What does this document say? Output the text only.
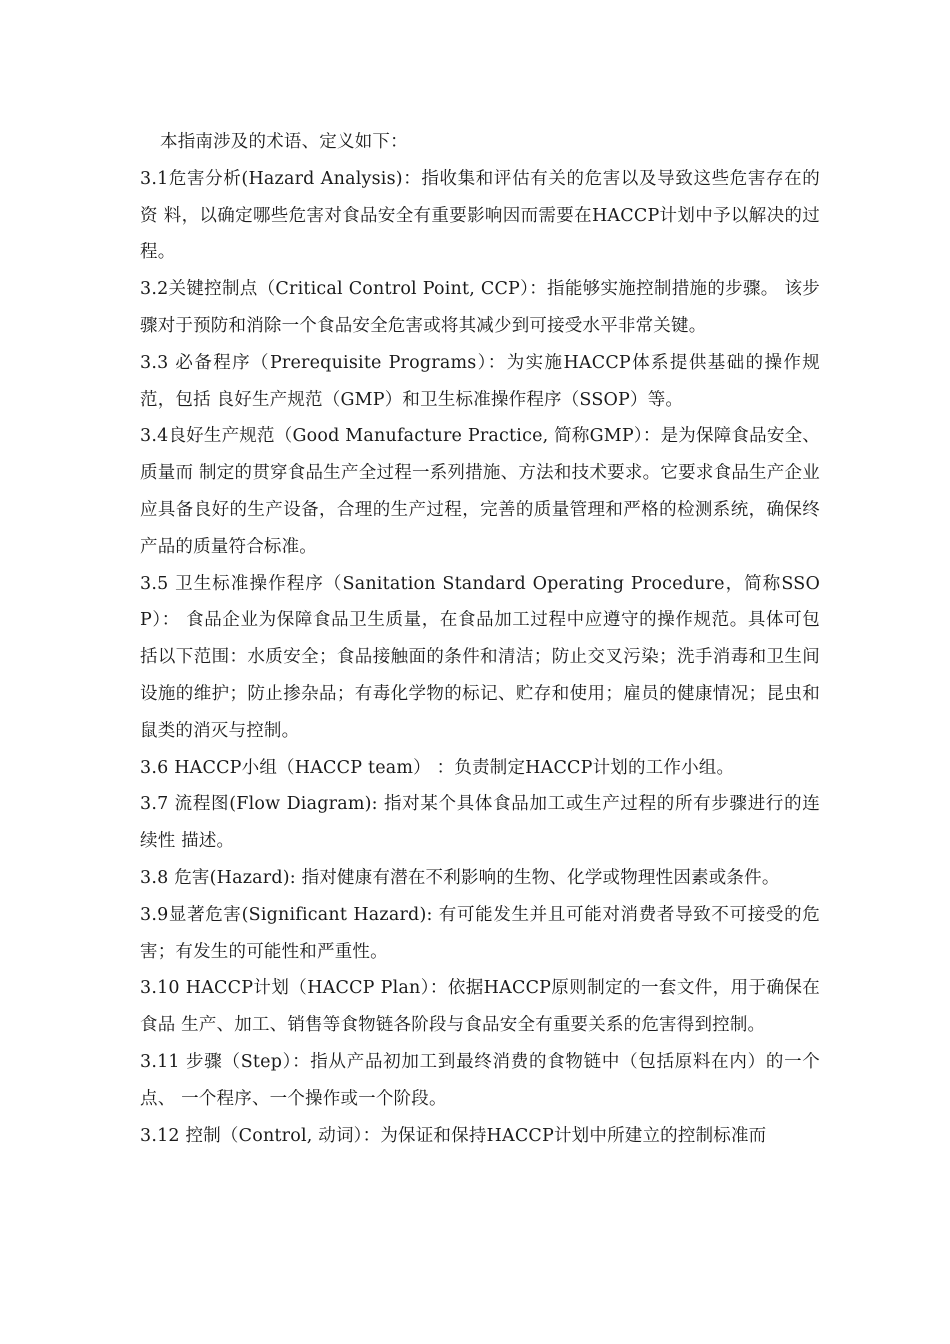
本指南涉及的术语、定义如下：

3.1危害分析(Hazard Analysis)：指收集和评估有关的危害以及导致这些危害存在的资 料，以确定哪些危害对食品安全有重要影响因而需要在HACCP计划中予以解决的过程。

3.2关键控制点（Critical Control Point, CCP）：指能够实施控制措施的步骤。 该步骤对于预防和消除一个食品安全危害或将其减少到可接受水平非常关键。

3.3 必备程序（Prerequisite Programs）：为实施HACCP体系提供基础的操作规范，包括 良好生产规范（GMP）和卫生标准操作程序（SSOP）等。

3.4良好生产规范（Good Manufacture Practice, 简称GMP）：是为保障食品安全、质量而 制定的贯穿食品生产全过程一系列措施、方法和技术要求。它要求食品生产企业应具备良好的生产设备，合理的生产过程，完善的质量管理和严格的检测系统，确保终产品的质量符合标准。

3.5 卫生标准操作程序（Sanitation Standard Operating Procedure，简称SSOP）： 食品企业为保障食品卫生质量，在食品加工过程中应遵守的操作规范。具体可包括以下范围：水质安全；食品接触面的条件和清洁；防止交叉污染；洗手消毒和卫生间设施的维护；防止掺杂品；有毒化学物的标记、贮存和使用；雇员的健康情况；昆虫和鼠类的消灭与控制。

3.6 HACCP小组（HACCP team） ：负责制定HACCP计划的工作小组。

3.7 流程图(Flow Diagram): 指对某个具体食品加工或生产过程的所有步骤进行的连续性 描述。

3.8 危害(Hazard): 指对健康有潜在不利影响的生物、化学或物理性因素或条件。

3.9显著危害(Significant Hazard): 有可能发生并且可能对消费者导致不可接受的危害；有发生的可能性和严重性。

3.10 HACCP计划（HACCP Plan）：依据HACCP原则制定的一套文件，用于确保在食品 生产、加工、销售等食物链各阶段与食品安全有重要关系的危害得到控制。

3.11 步骤（Step）：指从产品初加工到最终消费的食物链中（包括原料在内）的一个点、 一个程序、一个操作或一个阶段。

3.12 控制（Control, 动词）：为保证和保持HACCP计划中所建立的控制标准而
